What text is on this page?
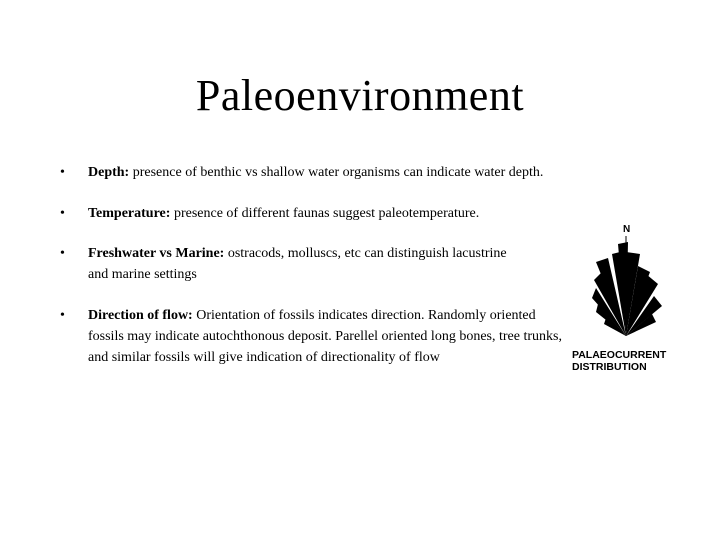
Paleoenvironment
•	Depth: presence of benthic vs shallow water organisms can indicate water depth.
•	Temperature: presence of different faunas suggest paleotemperature.
•	Freshwater vs Marine: ostracods, molluscs, etc can distinguish lacustrine and marine settings
•	Direction of flow: Orientation of fossils indicates direction. Randomly oriented fossils may indicate autochthonous deposit. Parellel oriented long bones, tree trunks, and similar fossils will give indication of directionality of flow
N
PALAEOCURRENT
DISTRIBUTION
